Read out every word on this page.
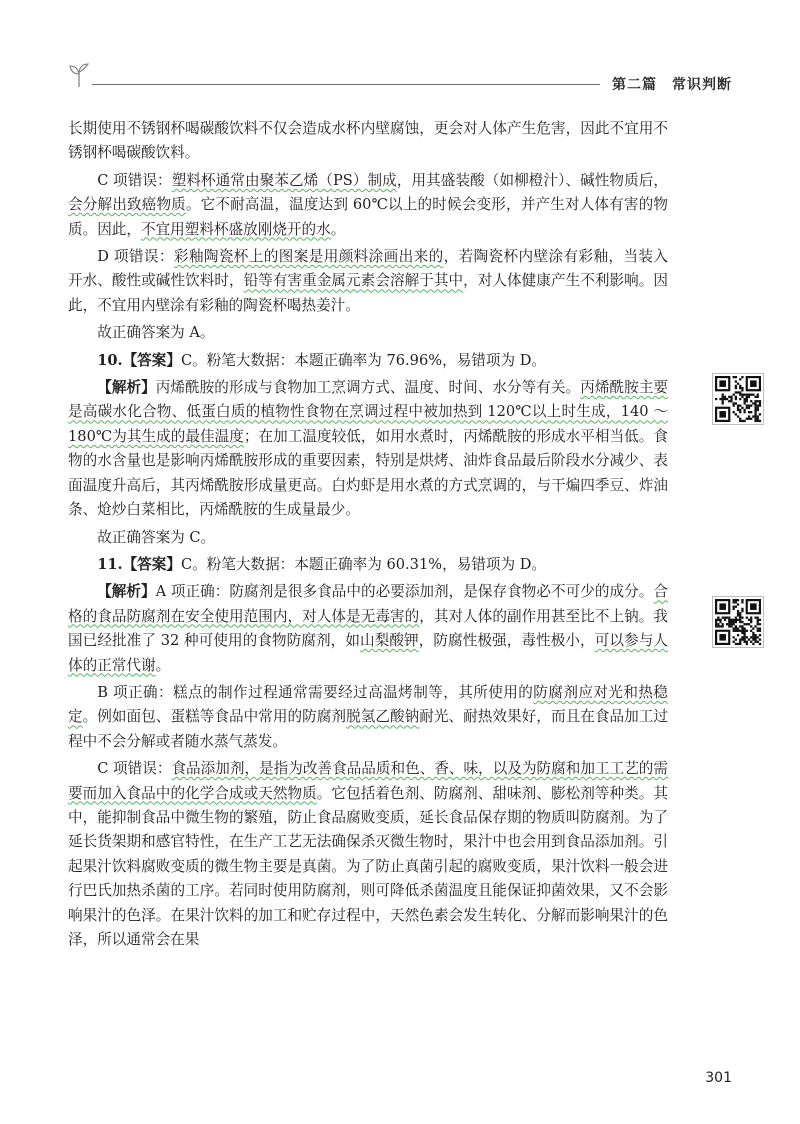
第二篇　常识判断

长期使用不锈钢杯喝碳酸饮料不仅会造成水杯内壁腐蚀，更会对人体产生危害，因此不宜用不锈钢杯喝碳酸饮料。

C 项错误：塑料杯通常由聚苯乙烯（PS）制成，用其盛装酸（如柳橙汁）、碱性物质后，会分解出致癌物质。它不耐高温，温度达到 60℃以上的时候会变形，并产生对人体有害的物质。因此，不宜用塑料杯盛放刚烧开的水。

D 项错误：彩釉陶瓷杯上的图案是用颜料涂画出来的，若陶瓷杯内壁涂有彩釉，当装入开水、酸性或碱性饮料时，铅等有害重金属元素会溶解于其中，对人体健康产生不利影响。因此，不宜用内壁涂有彩釉的陶瓷杯喝热姜汁。

故正确答案为 A。

10.【答案】C。粉笔大数据：本题正确率为 76.96%，易错项为 D。

【解析】丙烯酰胺的形成与食物加工烹调方式、温度、时间、水分等有关。丙烯酰胺主要是高碳水化合物、低蛋白质的植物性食物在烹调过程中被加热到 120℃以上时生成，140 ～ 180℃为其生成的最佳温度；在加工温度较低，如用水煮时，丙烯酰胺的形成水平相当低。食物的水含量也是影响丙烯酰胺形成的重要因素，特别是烘烤、油炸食品最后阶段水分减少、表面温度升高后，其丙烯酰胺形成量更高。白灼虾是用水煮的方式烹调的，与干煸四季豆、炸油条、炝炒白菜相比，丙烯酰胺的生成量最少。

故正确答案为 C。

11.【答案】C。粉笔大数据：本题正确率为 60.31%，易错项为 D。

【解析】A 项正确：防腐剂是很多食品中的必要添加剂，是保存食物必不可少的成分。合格的食品防腐剂在安全使用范围内，对人体是无毒害的，其对人体的副作用甚至比不上钠。我国已经批准了 32 种可使用的食物防腐剂，如山梨酸钾，防腐性极强，毒性极小，可以参与人体的正常代谢。

B 项正确：糕点的制作过程通常需要经过高温烤制等，其所使用的防腐剂应对光和热稳定。例如面包、蛋糕等食品中常用的防腐剂脱氢乙酸钠耐光、耐热效果好，而且在食品加工过程中不会分解或者随水蒸气蒸发。

C 项错误：食品添加剂，是指为改善食品品质和色、香、味，以及为防腐和加工工艺的需要而加入食品中的化学合成或天然物质。它包括着色剂、防腐剂、甜味剂、膨松剂等种类。其中，能抑制食品中微生物的繁殖，防止食品腐败变质，延长食品保存期的物质叫防腐剂。为了延长货架期和感官特性，在生产工艺无法确保杀灭微生物时，果汁中也会用到食品添加剂。引起果汁饮料腐败变质的微生物主要是真菌。为了防止真菌引起的腐败变质，果汁饮料一般会进行巴氏加热杀菌的工序。若同时使用防腐剂，则可降低杀菌温度且能保证抑菌效果，又不会影响果汁的色泽。在果汁饮料的加工和贮存过程中，天然色素会发生转化、分解而影响果汁的色泽，所以通常会在果

301
